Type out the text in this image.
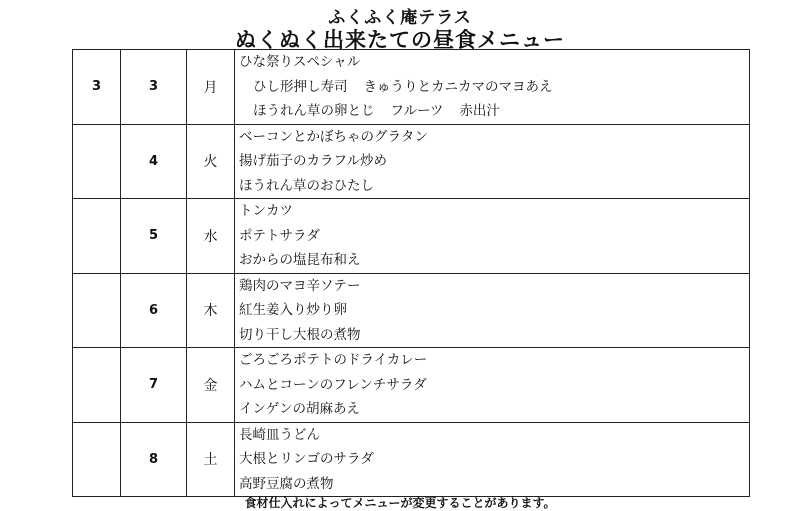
ふくふく庵テラス
ぬくぬく出来たての昼食メニュー
3	3	月	ひな祭りスペシャル
ひし形押し寿司 きゅうりとカニカマのマヨあえ
ほうれん草の卵とじ フルーツ 赤出汁

	4	火	ベーコンとかぼちゃのグラタン
揚げ茄子のカラフル炒め
ほうれん草のおひたし

	5	水	トンカツ
ポテトサラダ
おからの塩昆布和え

	6	木	鶏肉のマヨ辛ソテー
紅生姜入り炒り卵
切り干し大根の煮物

	7	金	ごろごろポテトのドライカレー
ハムとコーンのフレンチサラダ
インゲンの胡麻あえ

	8	土	長崎皿うどん
大根とリンゴのサラダ
高野豆腐の煮物
食材仕入れによってメニューが変更することがあります。
